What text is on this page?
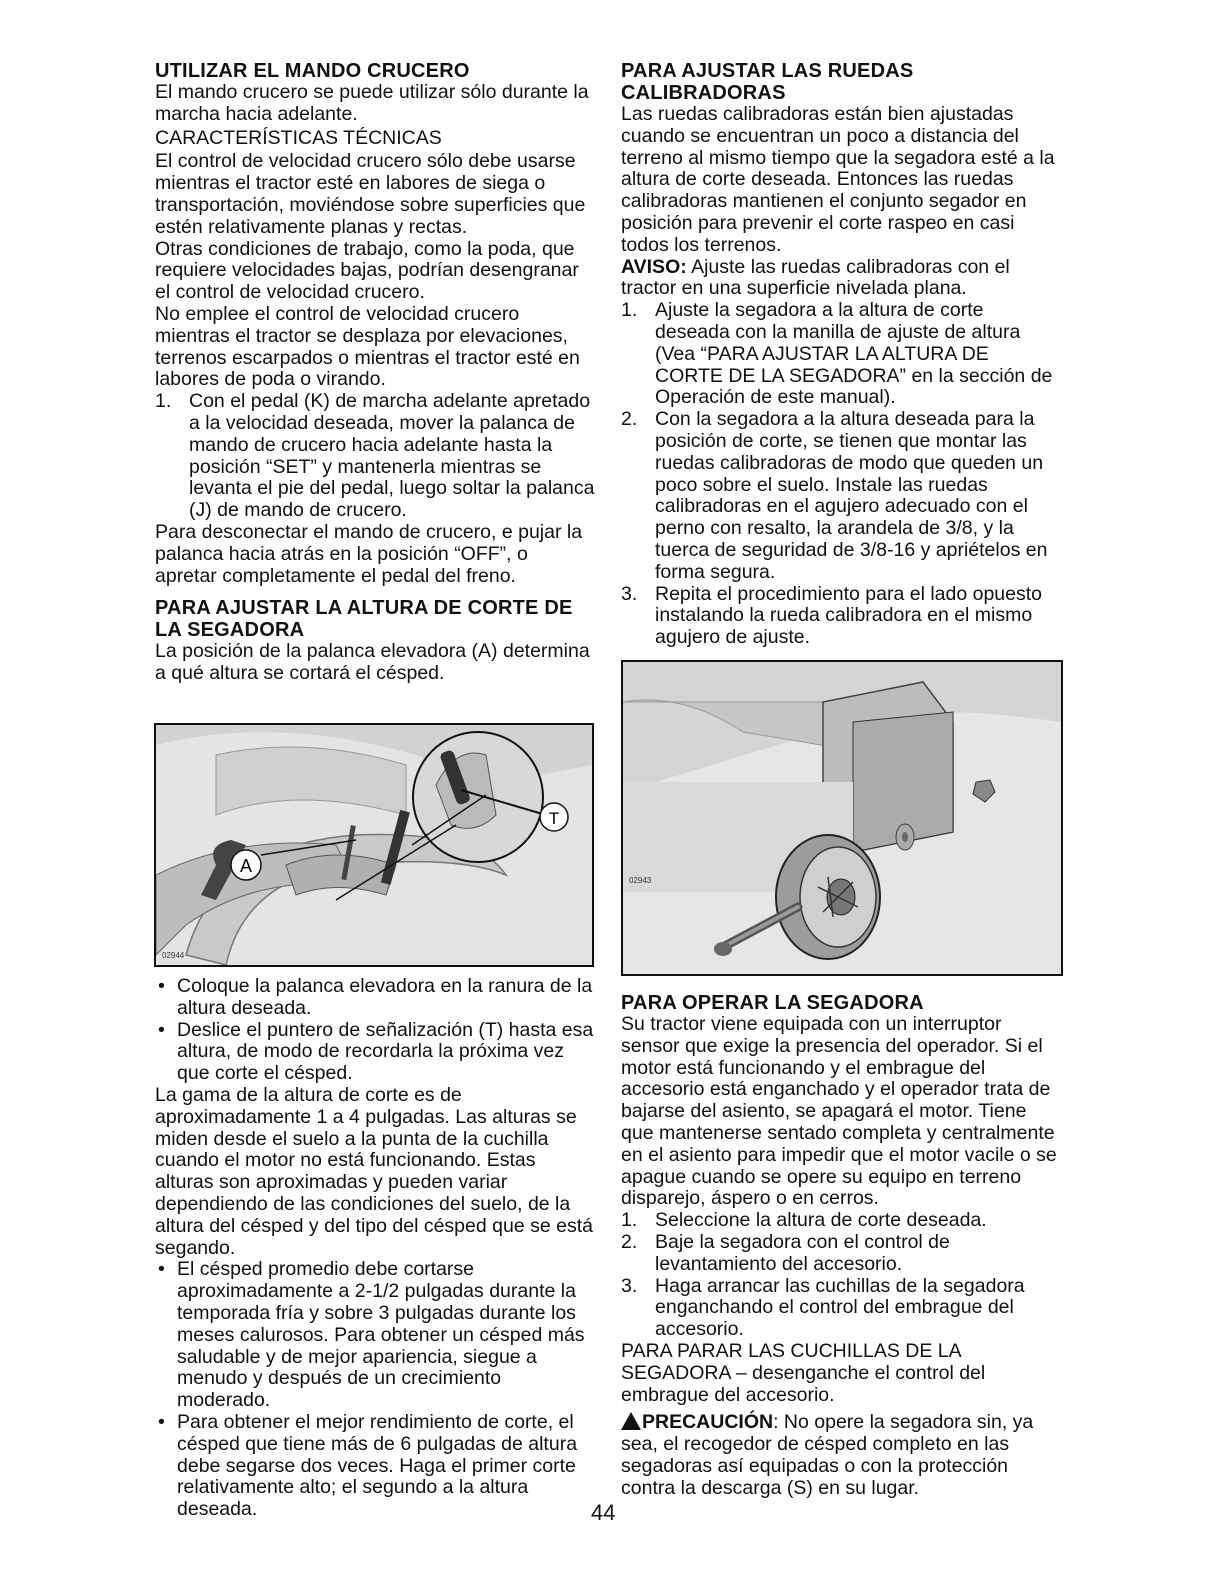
UTILIZAR EL MANDO CRUCERO

El mando crucero se puede utilizar sólo durante la marcha hacia adelante.

CARACTERÍSTICAS TÉCNICAS

El control de velocidad crucero sólo debe usarse mientras el tractor esté en labores de siega o transportación, moviéndose sobre superficies que estén relativamente planas y rectas.

Otras condiciones de trabajo, como la poda, que requiere velocidades bajas, podrían desengranar el control de velocidad crucero.

No emplee el control de velocidad crucero mientras el tractor se desplaza por elevaciones, terrenos escarpados o mientras el tractor esté en labores de poda o virando.

1. Con el pedal (K) de marcha adelante apretado a la velocidad deseada, mover la palanca de mando de crucero hacia adelante hasta la posición “SET” y mantenerla mientras se levanta el pie del pedal, luego soltar la palanca (J) de mando de crucero.

Para desconectar el mando de crucero, e pujar la palanca hacia atrás en la posición “OFF”, o apretar completamente el pedal del freno.

PARA AJUSTAR LA ALTURA DE CORTE DE LA SEGADORA

La posición de la palanca elevadora (A) determina a qué altura se cortará el césped.

A
T
02944
• Coloque la palanca elevadora en la ranura de la altura deseada.
• Deslice el puntero de señalización (T) hasta esa altura, de modo de recordarla la próxima vez que corte el césped.

La gama de la altura de corte es de aproximadamente 1 a 4 pulgadas. Las alturas se miden desde el suelo a la punta de la cuchilla cuando el motor no está funcionando. Estas alturas son aproximadas y pueden variar dependiendo de las condiciones del suelo, de la altura del césped y del tipo del césped que se está segando.

• El césped promedio debe cortarse aproximadamente a 2-1/2 pulgadas durante la temporada fría y sobre 3 pulgadas durante los meses calurosos. Para obtener un césped más saludable y de mejor apariencia, siegue a menudo y después de un crecimiento moderado.
• Para obtener el mejor rendimiento de corte, el césped que tiene más de 6 pulgadas de altura debe segarse dos veces. Haga el primer corte relativamente alto; el segundo a la altura deseada.
PARA AJUSTAR LAS RUEDAS CALIBRADORAS

Las ruedas calibradoras están bien ajustadas cuando se encuentran un poco a distancia del terreno al mismo tiempo que la segadora esté a la altura de corte deseada. Entonces las ruedas calibradoras mantienen el conjunto segador en posición para prevenir el corte raspeo en casi todos los terrenos.

AVISO: Ajuste las ruedas calibradoras con el tractor en una superficie nivelada plana.

1. Ajuste la segadora a la altura de corte deseada con la manilla de ajuste de altura (Vea “PARA AJUSTAR LA ALTURA DE CORTE DE LA SEGADORA” en la sección de Operación de este manual).
2. Con la segadora a la altura deseada para la posición de corte, se tienen que montar las ruedas calibradoras de modo que queden un poco sobre el suelo. Instale las ruedas calibradoras en el agujero adecuado con el perno con resalto, la arandela de 3/8, y la tuerca de seguridad de 3/8-16 y apriételos en forma segura.
3. Repita el procedimiento para el lado opuesto instalando la rueda calibradora en el mismo agujero de ajuste.
02943
PARA OPERAR LA SEGADORA

Su tractor viene equipada con un interruptor sensor que exige la presencia del operador. Si el motor está funcionando y el embrague del accesorio está enganchado y el operador trata de bajarse del asiento, se apagará el motor. Tiene que mantenerse sentado completa y centralmente en el asiento para impedir que el motor vacile o se apague cuando se opere su equipo en terreno disparejo, áspero o en cerros.

1. Seleccione la altura de corte deseada.
2. Baje la segadora con el control de levantamiento del accesorio.
3. Haga arrancar las cuchillas de la segadora enganchando el control del embrague del accesorio.

PARA PARAR LAS CUCHILLAS DE LA SEGADORA – desenganche el control del embrague del accesorio.

PRECAUCIÓN: No opere la segadora sin, ya sea, el recogedor de césped completo en las segadoras así equipadas o con la protección contra la descarga (S) en su lugar.

44
